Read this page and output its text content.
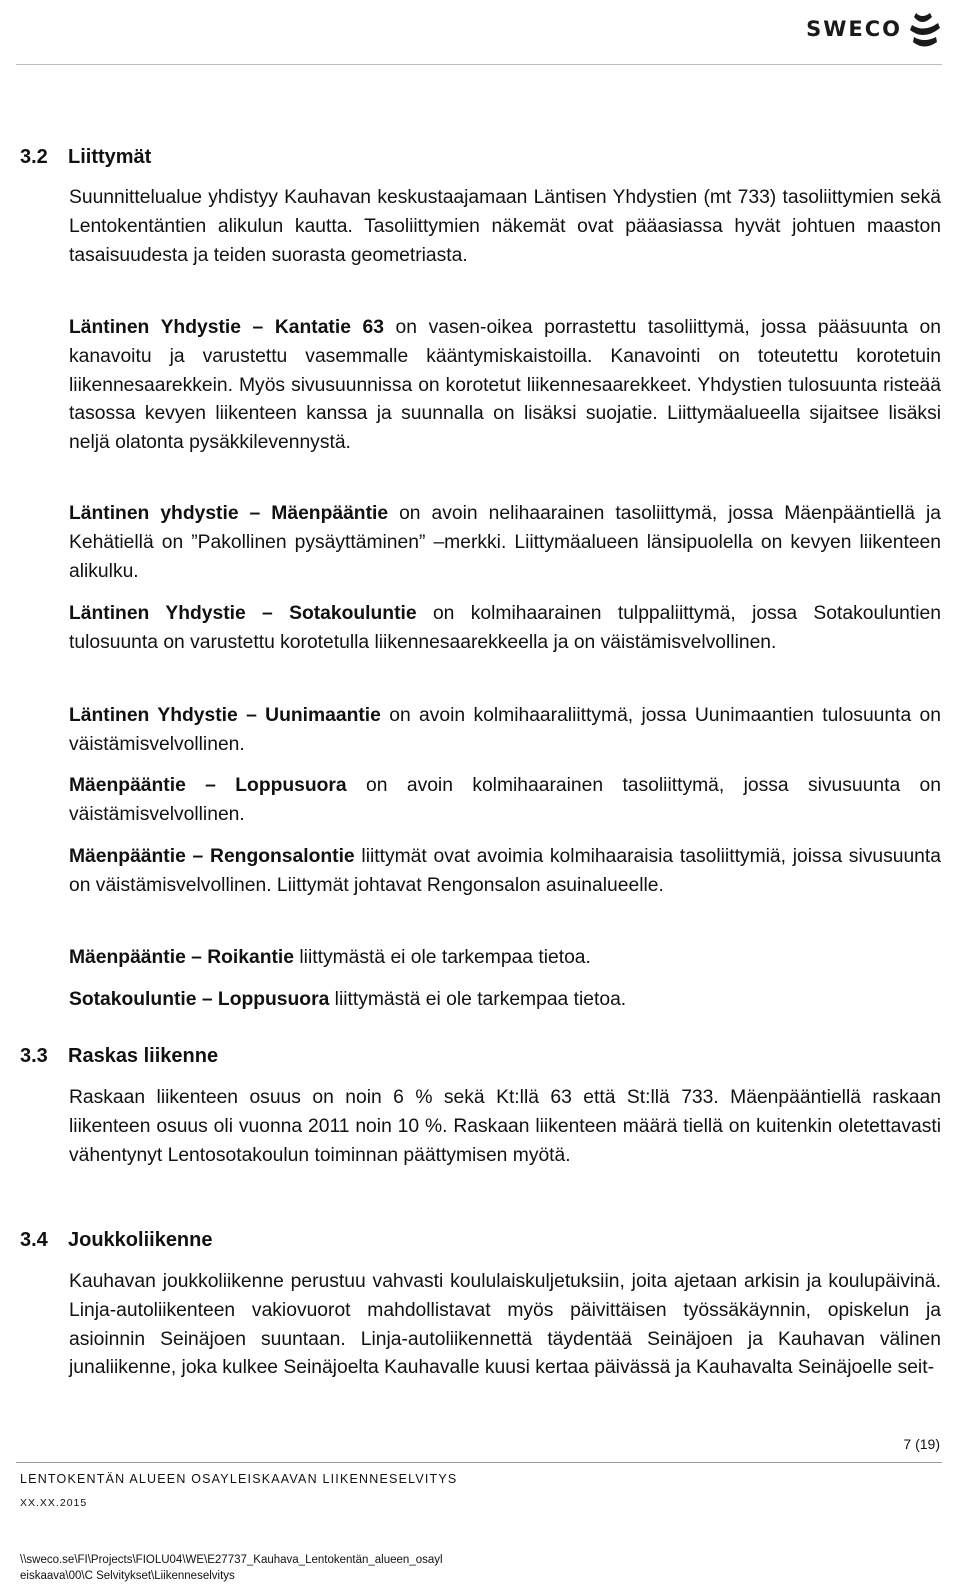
SWECO
3.2 Liittymät

Suunnittelualue yhdistyy Kauhavan keskustaajamaan Läntisen Yhdystien (mt 733) tasoliittymien sekä Lentokentäntien alikulun kautta. Tasoliittymien näkemät ovat pääasiassa hyvät johtuen maaston tasaisuudesta ja teiden suorasta geometriasta.

Läntinen Yhdystie – Kantatie 63 on vasen-oikea porrastettu tasoliittymä, jossa pääsuunta on kanavoitu ja varustettu vasemmalle kääntymiskaistoilla. Kanavointi on toteutettu korotetuin liikennesaarekkein. Myös sivusuunnissa on korotetut liikennesaarekkeet. Yhdystien tulosuunta risteää tasossa kevyen liikenteen kanssa ja suunnalla on lisäksi suojatie. Liittymäalueella sijaitsee lisäksi neljä olatonta pysäkkilevennystä.

Läntinen yhdystie – Mäenpääntie on avoin nelihaarainen tasoliittymä, jossa Mäenpääntiellä ja Kehätiellä on ”Pakollinen pysäyttäminen” –merkki. Liittymäalueen länsipuolella on kevyen liikenteen alikulku.

Läntinen Yhdystie – Sotakouluntie on kolmihaarainen tulppaliittymä, jossa Sotakouluntien tulosuunta on varustettu korotetulla liikennesaarekkeella ja on väistämisvelvollinen.

Läntinen Yhdystie – Uunimaantie on avoin kolmihaaraliittymä, jossa Uunimaantien tulosuunta on väistämisvelvollinen.

Mäenpääntie – Loppusuora on avoin kolmihaarainen tasoliittymä, jossa sivusuunta on väistämisvelvollinen.

Mäenpääntie – Rengonsalontie liittymät ovat avoimia kolmihaaraisia tasoliittymiä, joissa sivusuunta on väistämisvelvollinen. Liittymät johtavat Rengonsalon asuinalueelle.

Mäenpääntie – Roikantie liittymästä ei ole tarkempaa tietoa.

Sotakouluntie – Loppusuora liittymästä ei ole tarkempaa tietoa.

3.3 Raskas liikenne

Raskaan liikenteen osuus on noin 6 % sekä Kt:llä 63 että St:llä 733. Mäenpääntiellä raskaan liikenteen osuus oli vuonna 2011 noin 10 %. Raskaan liikenteen määrä tiellä on kuitenkin oletettavasti vähentynyt Lentosotakoulun toiminnan päättymisen myötä.

3.4 Joukkoliikenne

Kauhavan joukkoliikenne perustuu vahvasti koululaiskuljetuksiin, joita ajetaan arkisin ja koulupäivinä. Linja-autoliikenteen vakiovuorot mahdollistavat myös päivittäisen työssäkäynnin, opiskelun ja asioinnin Seinäjoen suuntaan. Linja-autoliikennettä täydentää Seinäjoen ja Kauhavan välinen junaliikenne, joka kulkee Seinäjoelta Kauhavalle kuusi kertaa päivässä ja Kauhavalta Seinäjoelle seit-

7 (19)
LENTOKENTÄN ALUEEN OSAYLEISKAAVAN LIIKENNESELVITYS
XX.XX.2015
\\sweco.se\FI\Projects\FIOLU04\WE\E27737_Kauhava_Lentokentän_alueen_osayl
eiskaava\00\C Selvitykset\Liikenneselvitys
